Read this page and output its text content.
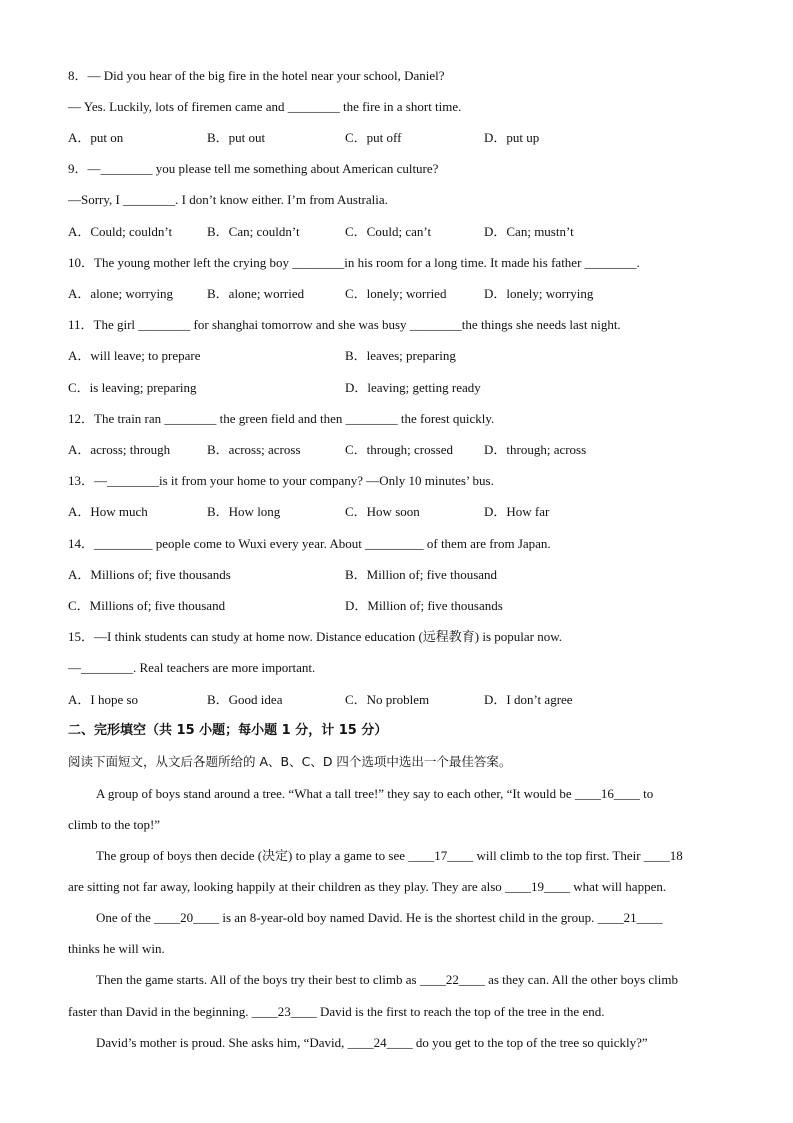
8．— Did you hear of the big fire in the hotel near your school, Daniel?
— Yes. Luckily, lots of firemen came and ________ the fire in a short time.
A．put on	B．put out	C．put off	D．put up
9．—________ you please tell me something about American culture?
—Sorry, I ________. I don’t know either. I’m from Australia.
A．Could; couldn’t	B．Can; couldn’t	C．Could; can’t	D．Can; mustn’t
10．The young mother left the crying boy ________in his room for a long time. It made his father ________.
A．alone; worrying	B．alone; worried	C．lonely; worried	D．lonely; worrying
11．The girl ________ for shanghai tomorrow and she was busy ________the things she needs last night.
A．will leave; to prepare	B．leaves; preparing
C．is leaving; preparing	D．leaving; getting ready
12．The train ran ________ the green field and then ________ the forest quickly.
A．across; through	B．across; across	C．through; crossed D．through; across
13．—________is it from your home to your company? —Only 10 minutes’ bus.
A．How much	B．How long	C．How soon	D．How far
14．_________ people come to Wuxi every year. About _________ of them are from Japan.
A．Millions of; five thousands	B．Million of; five thousand
C．Millions of; five thousand	D．Million of; five thousands
15．—I think students can study at home now. Distance education (远程教育) is popular now.
—________. Real teachers are more important.
A．I hope so	B．Good idea	C．No problem	D．I don’t agree
二、完形填空（共 15 小题；每小题 1 分，计 15 分）
阅读下面短文，从文后各题所给的 A、B、C、D 四个选项中选出一个最佳答案。
A group of boys stand around a tree. “What a tall tree!” they say to each other, “It would be ____16____ to
climb to the top!”
The group of boys then decide (决定) to play a game to see ____17____ will climb to the top first. Their ____18
are sitting not far away, looking happily at their children as they play. They are also ____19____ what will happen.
One of the ____20____ is an 8-year-old boy named David. He is the shortest child in the group. ____21____
thinks he will win.
Then the game starts. All of the boys try their best to climb as ____22____ as they can. All the other boys climb
faster than David in the beginning. ____23____ David is the first to reach the top of the tree in the end.
David’s mother is proud. She asks him, “David, ____24____ do you get to the top of the tree so quickly?”
